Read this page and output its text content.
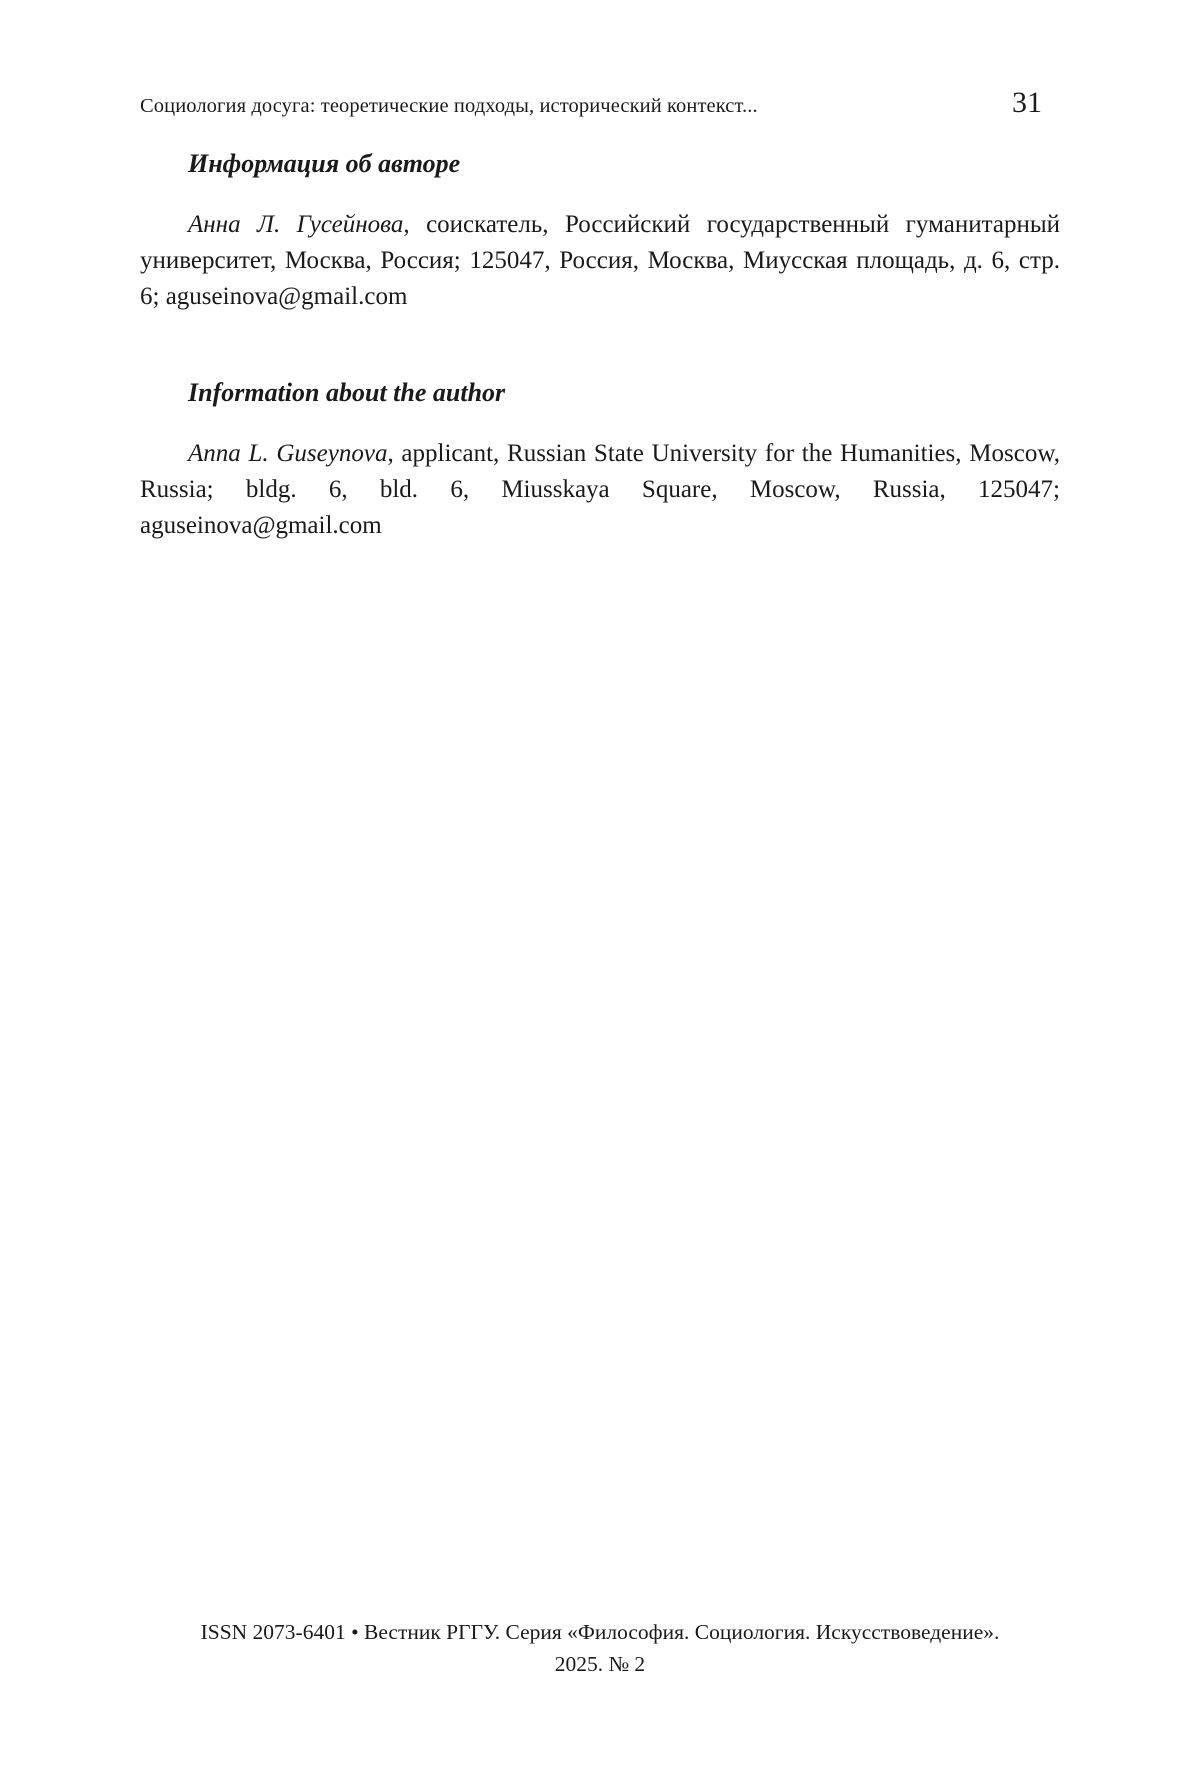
Социология досуга: теоретические подходы, исторический контекст...	31
Информация об авторе

Анна Л. Гусейнова, соискатель, Российский государственный гуманитарный университет, Москва, Россия; 125047, Россия, Москва, Миусская площадь, д. 6, стр. 6; aguseinova@gmail.com

Information about the author

Anna L. Guseynova, applicant, Russian State University for the Humanities, Moscow, Russia; bldg. 6, bld. 6, Miusskaya Square, Moscow, Russia, 125047; aguseinova@gmail.com

ISSN 2073-6401 • Вестник РГГУ. Серия «Философия. Социология. Искусствоведение».
2025. № 2
